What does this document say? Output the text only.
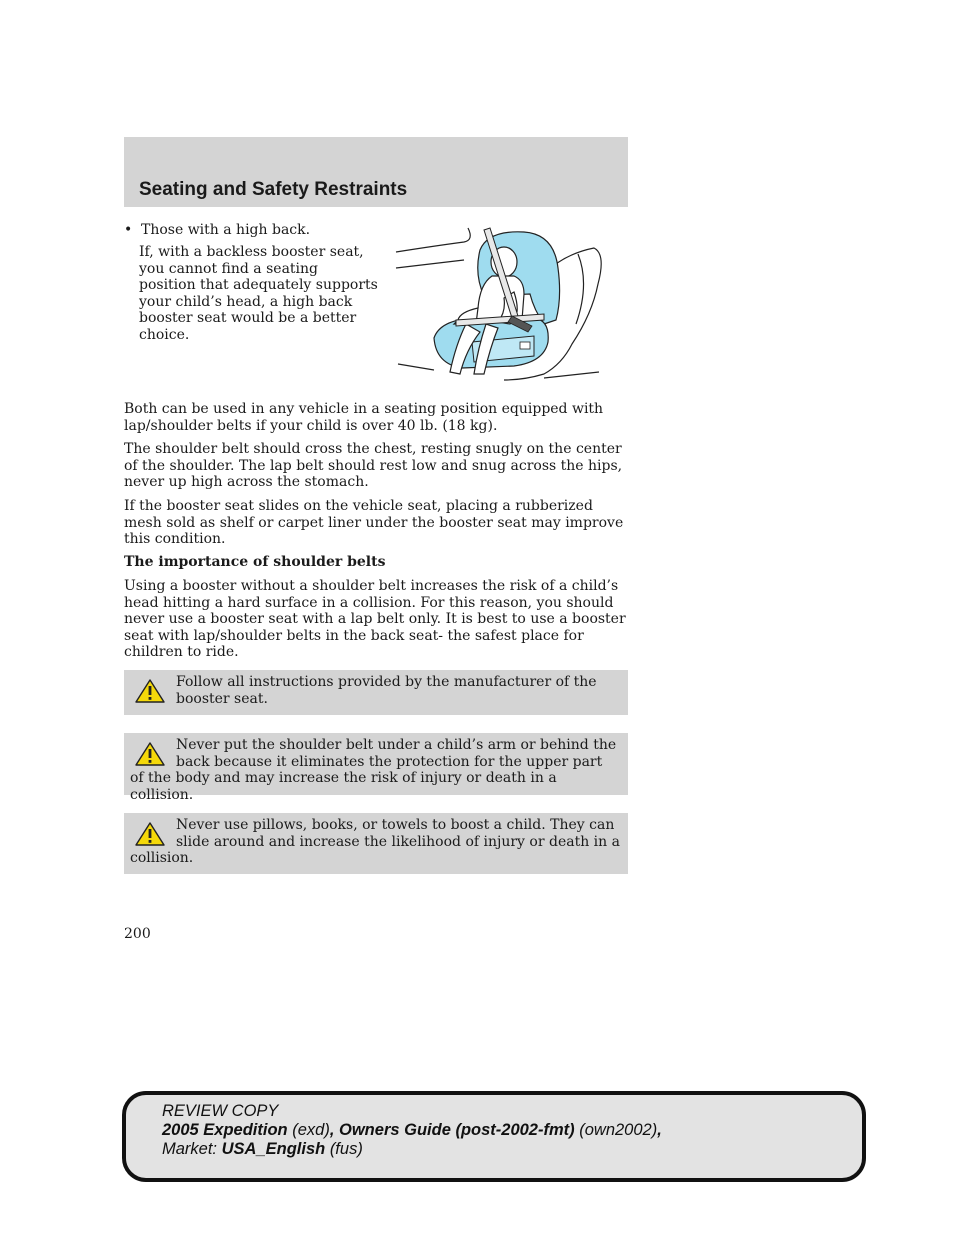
Seating and Safety Restraints
• Those with a high back.

If, with a backless booster seat, you cannot find a seating position that adequately supports your child’s head, a high back booster seat would be a better choice.

Both can be used in any vehicle in a seating position equipped with lap/shoulder belts if your child is over 40 lb. (18 kg).

The shoulder belt should cross the chest, resting snugly on the center of the shoulder. The lap belt should rest low and snug across the hips, never up high across the stomach.

If the booster seat slides on the vehicle seat, placing a rubberized mesh sold as shelf or carpet liner under the booster seat may improve this condition.

The importance of shoulder belts

Using a booster without a shoulder belt increases the risk of a child’s head hitting a hard surface in a collision. For this reason, you should never use a booster seat with a lap belt only. It is best to use a booster seat with lap/shoulder belts in the back seat- the safest place for children to ride.

Follow all instructions provided by the manufacturer of the booster seat.

Never put the shoulder belt under a child’s arm or behind the back because it eliminates the protection for the upper part of the body and may increase the risk of injury or death in a collision.

Never use pillows, books, or towels to boost a child. They can slide around and increase the likelihood of injury or death in a collision.

200

REVIEW COPY
2005 Expedition (exd), Owners Guide (post-2002-fmt) (own2002),
Market: USA_English (fus)
